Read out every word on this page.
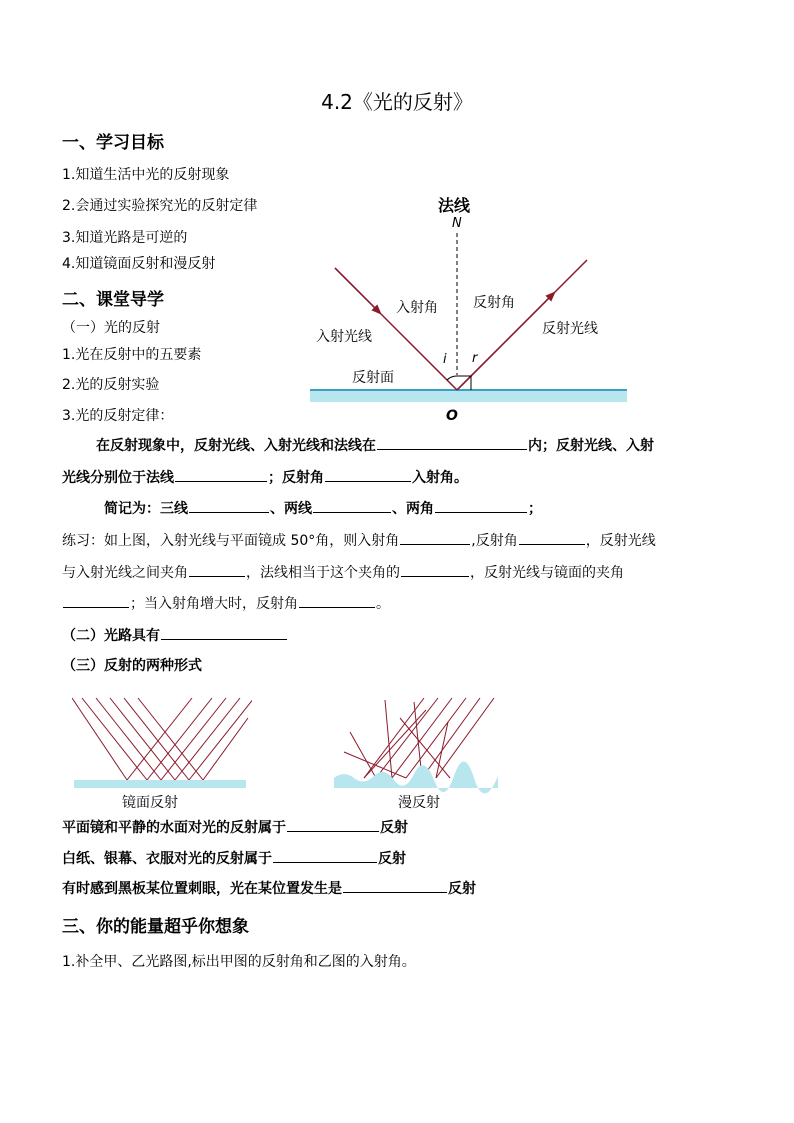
4.2《光的反射》
一、学习目标
1.知道生活中光的反射现象
2.会通过实验探究光的反射定律
3.知道光路是可逆的
4.知道镜面反射和漫反射
二、课堂导学
（一）光的反射
1.光在反射中的五要素
2.光的反射实验
3.光的反射定律：
法线
N
i r
入射角	反射角
入射光线	反射光线
反射面
O
在反射现象中，反射光线、入射光线和法线在	内；反射光线、入射
光线分别位于法线	；反射角	入射角。
简记为：三线	、两线	、两角	；
练习：如上图，入射光线与平面镜成 50°角，则入射角	,反射角	，反射光线
与入射光线之间夹角	，法线相当于这个夹角的	，反射光线与镜面的夹角
；当入射角增大时，反射角	。
（二）光路具有
（三）反射的两种形式
镜面反射	漫反射
平面镜和平静的水面对光的反射属于	反射
白纸、银幕、衣服对光的反射属于	反射
有时感到黑板某位置刺眼，光在某位置发生是	反射
三、你的能量超乎你想象
1.补全甲、乙光路图,标出甲图的反射角和乙图的入射角。
